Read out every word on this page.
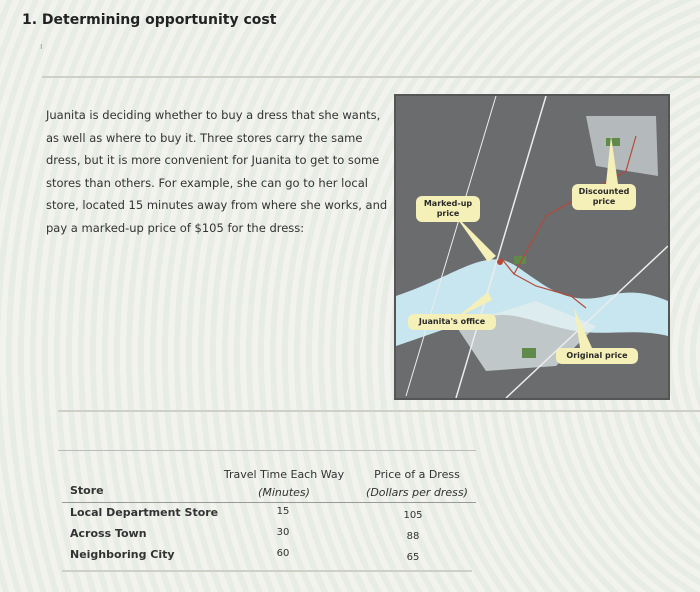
1. Determining opportunity cost
ı
Juanita is deciding whether to buy a dress that she wants, as well as where to buy it. Three stores carry the same dress, but it is more convenient for Juanita to get to some stores than others. For example, she can go to her local store, located 15 minutes away from where she works, and pay a marked-up price of $105 for the dress:
Marked-up price
Discounted price
Juanita's office
Original price
Store
Travel Time Each Way
(Minutes)
Price of a Dress
(Dollars per dress)
Local Department Store	15	105
Across Town	30	88
Neighboring City	60	65
